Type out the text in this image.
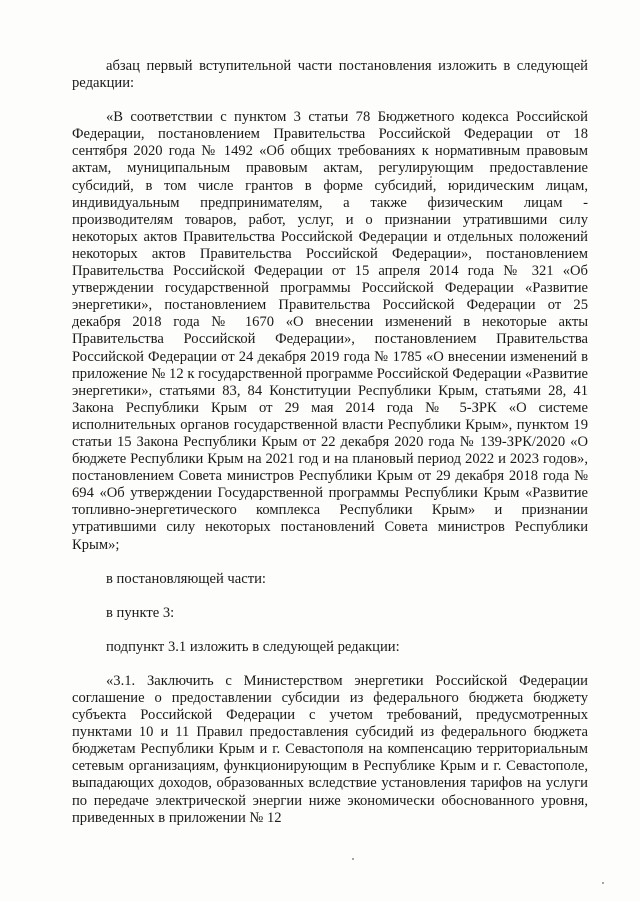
абзац первый вступительной части постановления изложить в следующей редакции:

«В соответствии с пунктом 3 статьи 78 Бюджетного кодекса Российской Федерации, постановлением Правительства Российской Федерации от 18 сентября 2020 года № 1492 «Об общих требованиях к нормативным правовым актам, муниципальным правовым актам, регулирующим предоставление субсидий, в том числе грантов в форме субсидий, юридическим лицам, индивидуальным предпринимателям, а также физическим лицам - производителям товаров, работ, услуг, и о признании утратившими силу некоторых актов Правительства Российской Федерации и отдельных положений некоторых актов Правительства Российской Федерации», постановлением Правительства Российской Федерации от 15 апреля 2014 года № 321 «Об утверждении государственной программы Российской Федерации «Развитие энергетики», постановлением Правительства Российской Федерации от 25 декабря 2018 года № 1670 «О внесении изменений в некоторые акты Правительства Российской Федерации», постановлением Правительства Российской Федерации от 24 декабря 2019 года № 1785 «О внесении изменений в приложение № 12 к государственной программе Российской Федерации «Развитие энергетики», статьями 83, 84 Конституции Республики Крым, статьями 28, 41 Закона Республики Крым от 29 мая 2014 года № 5-ЗРК «О системе исполнительных органов государственной власти Республики Крым», пунктом 19 статьи 15 Закона Республики Крым от 22 декабря 2020 года № 139-ЗРК/2020 «О бюджете Республики Крым на 2021 год и на плановый период 2022 и 2023 годов», постановлением Совета министров Республики Крым от 29 декабря 2018 года № 694 «Об утверждении Государственной программы Республики Крым «Развитие топливно-энергетического комплекса Республики Крым» и признании утратившими силу некоторых постановлений Совета министров Республики Крым»;

в постановляющей части:

в пункте 3:

подпункт 3.1 изложить в следующей редакции:

«3.1. Заключить с Министерством энергетики Российской Федерации соглашение о предоставлении субсидии из федерального бюджета бюджету субъекта Российской Федерации с учетом требований, предусмотренных пунктами 10 и 11 Правил предоставления субсидий из федерального бюджета бюджетам Республики Крым и г. Севастополя на компенсацию территориальным сетевым организациям, функционирующим в Республике Крым и г. Севастополе, выпадающих доходов, образованных вследствие установления тарифов на услуги по передаче электрической энергии ниже экономически обоснованного уровня, приведенных в приложении № 12
